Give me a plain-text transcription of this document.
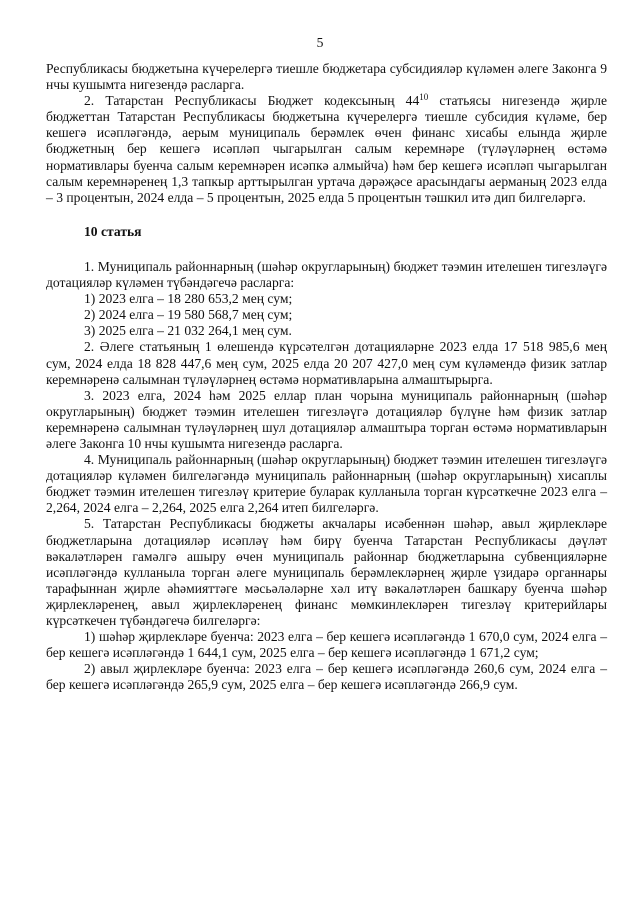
5

Республикасы бюджетына күчерелергә тиешле бюджетара субсидияләр күләмен әлеге Законга 9 нчы кушымта нигезендә расларга.

2. Татарстан Республикасы Бюджет кодексының $44^{10}$ статьясы нигезендә җирле бюджеттан Татарстан Республикасы бюджетына күчерелергә тиешле субсидия күләме, бер кешегә исәпләгәндә, аерым муниципаль берәмлек өчен финанс хисабы елында җирле бюджетның бер кешегә исәпләп чыгарылган салым керемнәре (түләүләрнең өстәмә нормативлары буенча салым керемнәрен исәпкә алмыйча) һәм бер кешегә исәпләп чыгарылган салым керемнәренең 1,3 тапкыр арттырылган уртача дәрәҗәсе арасындагы аерманың 2023 елда – 3 процентын, 2024 елда – 5 процентын, 2025 елда 5 процентын тәшкил итә дип билгеләргә.

10 статья

1. Муниципаль районнарның (шәһәр округларының) бюджет тәэмин ителешен тигезләүгә дотацияләр күләмен түбәндәгечә расларга:

1) 2023 елга – 18 280 653,2 мең сум;

2) 2024 елга – 19 580 568,7 мең сум;

3) 2025 елга – 21 032 264,1 мең сум.

2. Әлеге статьяның 1 өлешендә күрсәтелгән дотацияләрне 2023 елда 17 518 985,6 мең сум, 2024 елда 18 828 447,6 мең сум, 2025 елда 20 207 427,0 мең сум күләмендә физик затлар керемнәренә салымнан түләүләрнең өстәмә нормативларына алмаштырырга.

3. 2023 елга, 2024 һәм 2025 еллар план чорына муниципаль районнарның (шәһәр округларының) бюджет тәэмин ителешен тигезләүгә дотацияләр бүлүне һәм физик затлар керемнәренә салымнан түләүләрнең шул дотацияләр алмаштыра торган өстәмә нормативларын әлеге Законга 10 нчы кушымта нигезендә расларга.

4. Муниципаль районнарның (шәһәр округларының) бюджет тәэмин ителешен тигезләүгә дотацияләр күләмен билгеләгәндә муниципаль районнарның (шәһәр округларының) хисаплы бюджет тәэмин ителешен тигезләү критерие буларак кулланыла торган күрсәткечне 2023 елга – 2,264, 2024 елга – 2,264, 2025 елга 2,264 итеп билгеләргә.

5. Татарстан Республикасы бюджеты акчалары исәбеннән шәһәр, авыл җирлекләре бюджетларына дотацияләр исәпләү һәм бирү буенча Татарстан Республикасы дәүләт вәкаләтләрен гамәлгә ашыру өчен муниципаль районнар бюджетларына субвенцияләрне исәпләгәндә кулланыла торган әлеге муниципаль берәмлекләрнең җирле үзидарә органнары тарафыннан җирле әһәмияттәге мәсьәләләрне хәл итү вәкаләтләрен башкару буенча шәһәр җирлекләренең, авыл җирлекләренең финанс мөмкинлекләрен тигезләү критерийлары күрсәткечен түбәндәгечә билгеләргә:

1) шәһәр җирлекләре буенча: 2023 елга – бер кешегә исәпләгәндә 1 670,0 сум, 2024 елга – бер кешегә исәпләгәндә 1 644,1 сум, 2025 елга – бер кешегә исәпләгәндә 1 671,2 сум;

2) авыл җирлекләре буенча: 2023 елга – бер кешегә исәпләгәндә 260,6 сум, 2024 елга – бер кешегә исәпләгәндә 265,9 сум, 2025 елга – бер кешегә исәпләгәндә 266,9 сум.
